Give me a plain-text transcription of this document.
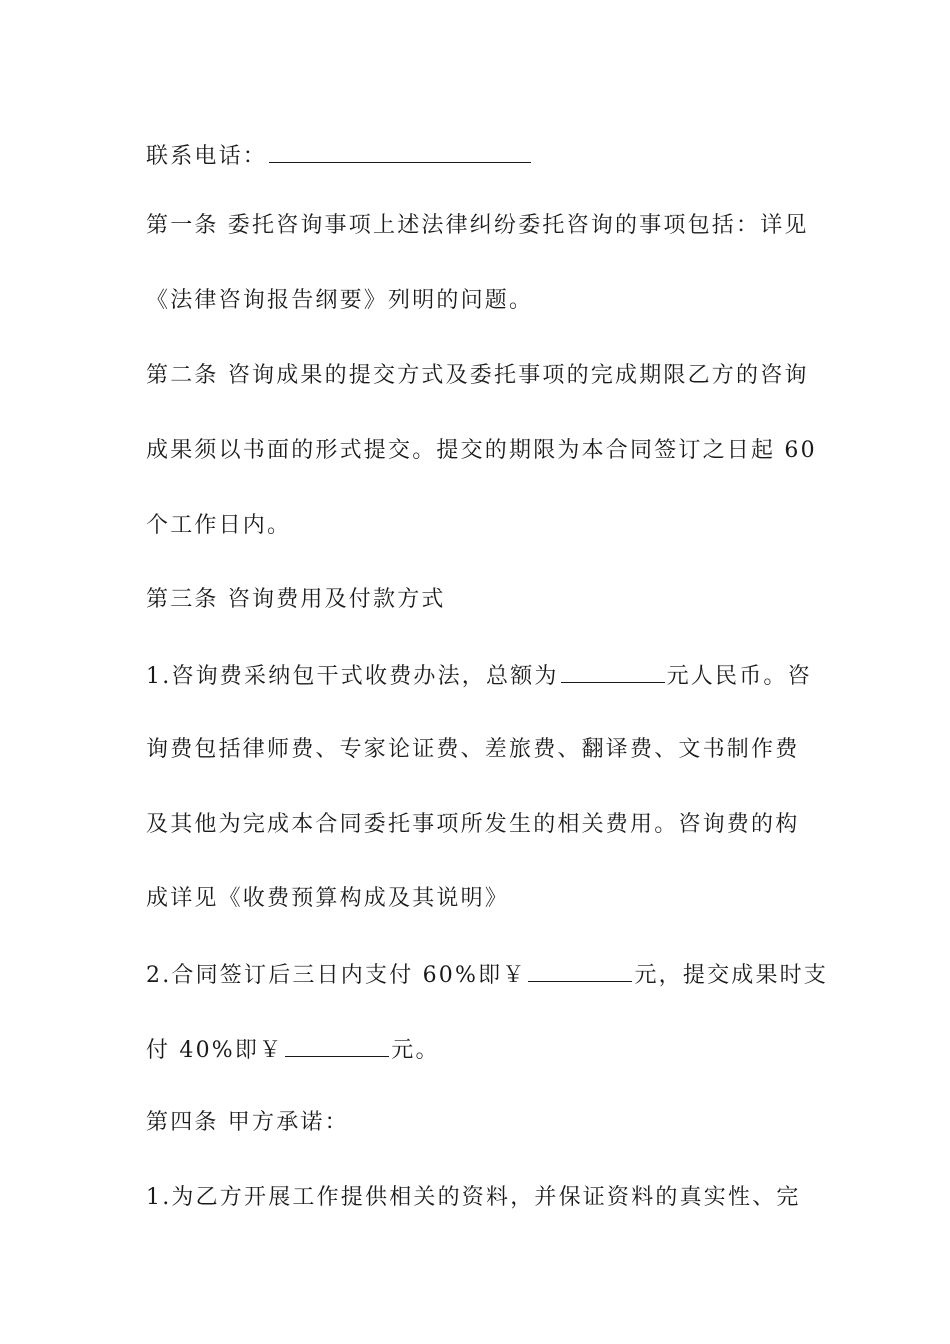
联系电话：
第一条 委托咨询事项上述法律纠纷委托咨询的事项包括：详见
《法律咨询报告纲要》列明的问题。
第二条 咨询成果的提交方式及委托事项的完成期限乙方的咨询
成果须以书面的形式提交。提交的期限为本合同签订之日起 60
个工作日内。
第三条 咨询费用及付款方式
1.咨询费采纳包干式收费办法，总额为	元人民币。咨
询费包括律师费、专家论证费、差旅费、翻译费、文书制作费
及其他为完成本合同委托事项所发生的相关费用。咨询费的构
成详见《收费预算构成及其说明》
2.合同签订后三日内支付 60%即￥	元，提交成果时支
付 40%即￥	元。
第四条 甲方承诺：
1.为乙方开展工作提供相关的资料，并保证资料的真实性、完
